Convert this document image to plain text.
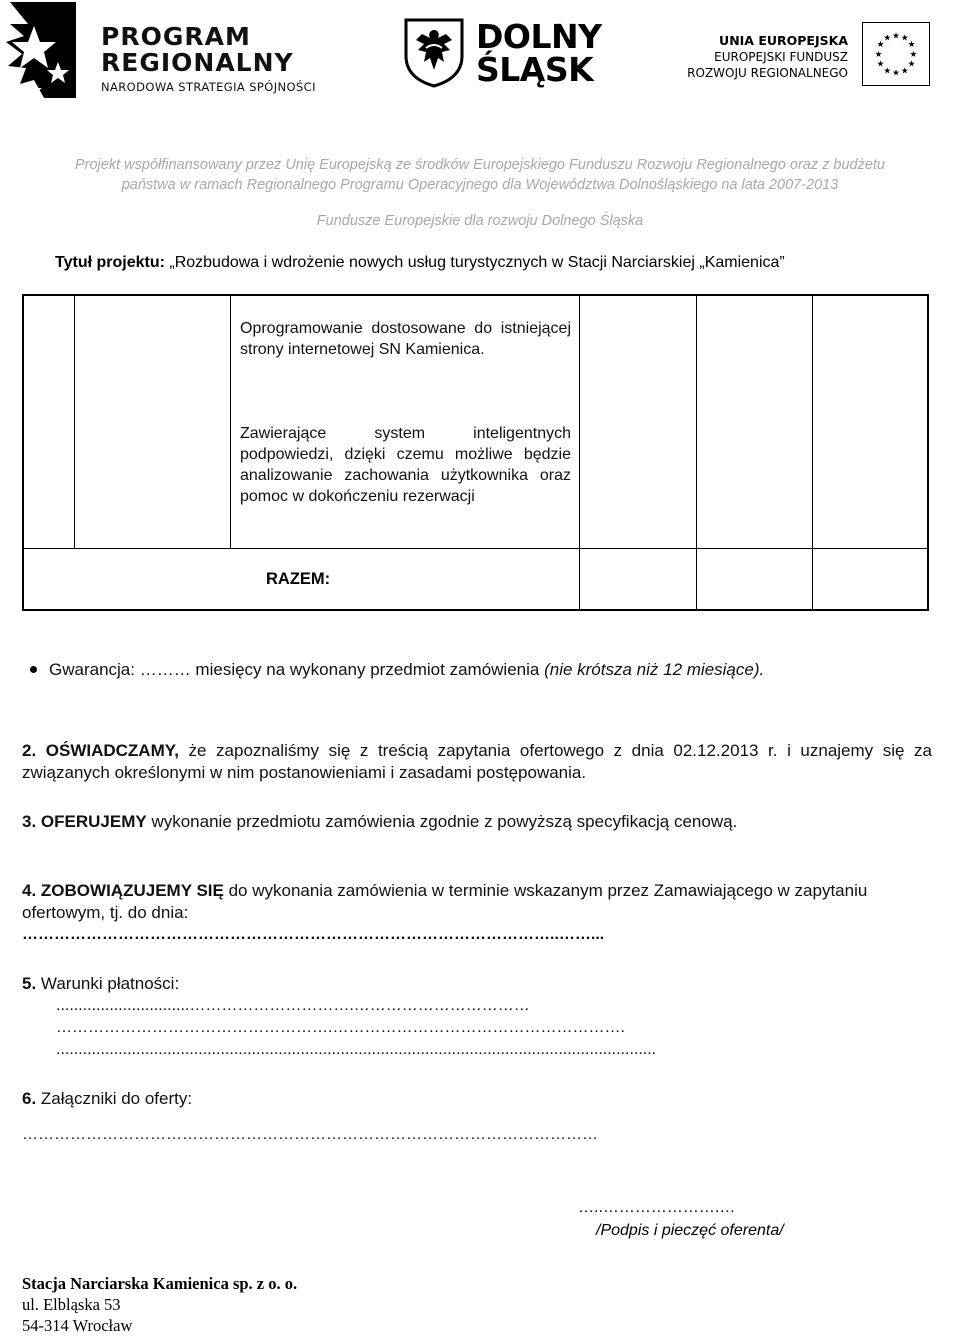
PROGRAM
REGIONALNY
NARODOWA STRATEGIA SPÓJNOŚCI
DOLNY
ŚLĄSK
UNIA EUROPEJSKA
EUROPEJSKI FUNDUSZ
ROZWOJU REGIONALNEGO
★ ★
★
★
★
★
★
★
★
★
★
★
Projekt współfinansowany przez Unię Europejską ze środków Europejskiego Funduszu Rozwoju Regionalnego oraz z budżetu
państwa w ramach Regionalnego Programu Operacyjnego dla Województwa Dolnośląskiego na lata 2007-2013
Fundusze Europejskie dla rozwoju Dolnego Śląska
Tytuł projektu: „Rozbudowa i wdrożenie nowych usług turystycznych w Stacji Narciarskiej „Kamienica”
Oprogramowanie dostosowane do istniejącej strony internetowej SN Kamienica.
Zawierające system inteligentnych podpowiedzi, dzięki czemu możliwe będzie analizowanie zachowania użytkownika oraz pomoc w dokończeniu rezerwacji
RAZEM:
Gwarancja: ……… miesięcy na wykonany przedmiot zamówienia (nie krótsza niż 12 miesiące).
2. OŚWIADCZAMY, że zapoznaliśmy się z treścią zapytania ofertowego z dnia 02.12.2013 r. i uznajemy się za związanych określonymi w nim postanowieniami i zasadami postępowania.
3. OFERUJEMY wykonanie przedmiotu zamówienia zgodnie z powyższą specyfikacją cenową.
4. ZOBOWIĄZUJEMY SIĘ do wykonania zamówienia w terminie wskazanym przez Zamawiającego w zapytaniu ofertowym, tj. do dnia:
………………………………………………………………………………………..……...
5. Warunki płatności:
..............................………………………….……………………………
…………………………………………….……………………………………………….
.......................................................................................................................................
6. Załączniki do oferty:
………………………………………………………………………………………………
…..………………….…
/Podpis i pieczęć oferenta/
Stacja Narciarska Kamienica sp. z o. o.
ul. Elbląska 53
54-314 Wrocław
